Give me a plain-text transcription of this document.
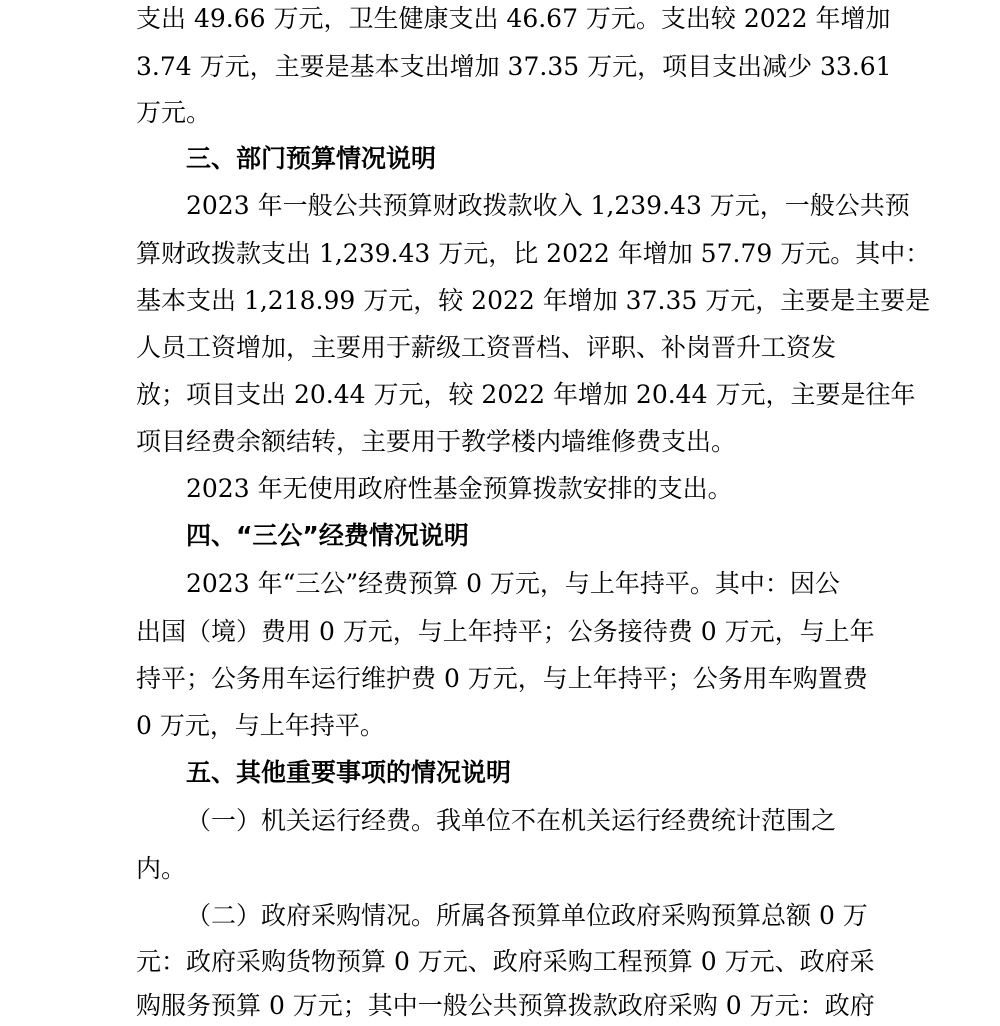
支出 49.66 万元，卫生健康支出 46.67 万元。支出较 2022 年增加

3.74 万元，主要是基本支出增加 37.35 万元，项目支出减少 33.61

万元。

三、部门预算情况说明

2023 年一般公共预算财政拨款收入 1,239.43 万元，一般公共预

算财政拨款支出 1,239.43 万元，比 2022 年增加 57.79 万元。其中：

基本支出 1,218.99 万元，较 2022 年增加 37.35 万元，主要是主要是

人员工资增加，主要用于薪级工资晋档、评职、补岗晋升工资发

放；项目支出 20.44 万元，较 2022 年增加 20.44 万元，主要是往年

项目经费余额结转，主要用于教学楼内墙维修费支出。

2023 年无使用政府性基金预算拨款安排的支出。

四、“三公”经费情况说明

2023 年“三公”经费预算 0 万元，与上年持平。其中：因公

出国（境）费用 0 万元，与上年持平；公务接待费 0 万元，与上年

持平；公务用车运行维护费 0 万元，与上年持平；公务用车购置费

0 万元，与上年持平。

五、其他重要事项的情况说明

（一）机关运行经费。我单位不在机关运行经费统计范围之

内。

（二）政府采购情况。所属各预算单位政府采购预算总额 0 万

元：政府采购货物预算 0 万元、政府采购工程预算 0 万元、政府采

购服务预算 0 万元；其中一般公共预算拨款政府采购 0 万元：政府
